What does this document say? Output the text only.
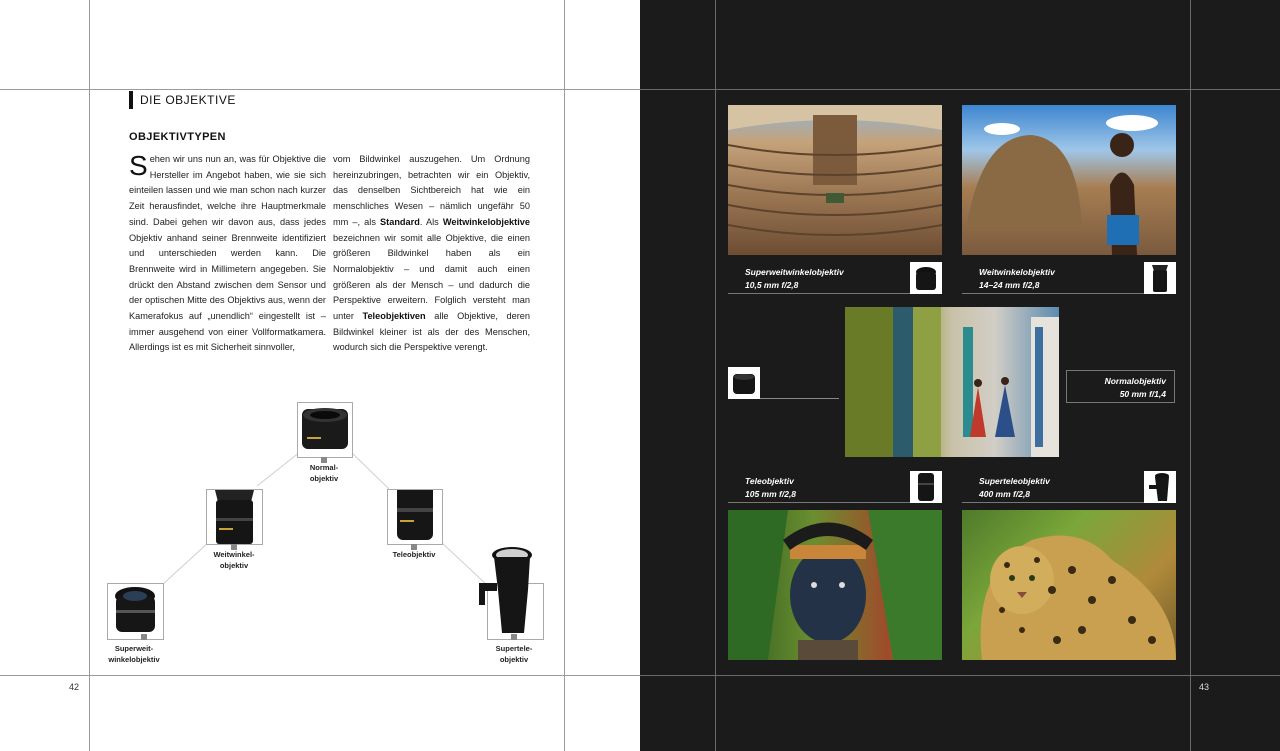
DIE OBJEKTIVE
OBJEKTIVTYPEN
Sehen wir uns nun an, was für Objektive die Hersteller im Angebot haben, wie sie sich einteilen lassen und wie man schon nach kurzer Zeit herausfindet, welche ihre Hauptmerkmale sind. Dabei gehen wir davon aus, dass jedes Objektiv anhand seiner Brennweite identifiziert und unterschieden werden kann. Die Brennweite wird in Millimetern angegeben. Sie drückt den Abstand zwischen dem Sensor und der optischen Mitte des Objektivs aus, wenn der Kamerafokus auf „unendlich“ eingestellt ist – immer ausgehend von einer Vollformatkamera. Allerdings ist es mit Sicherheit sinnvoller,
vom Bildwinkel auszugehen. Um Ordnung hereinzubringen, betrachten wir ein Objektiv, das denselben Sichtbereich hat wie ein menschliches Wesen – nämlich ungefähr 50 mm –, als Standard. Als Weitwinkelobjektive bezeichnen wir somit alle Objektive, die einen größeren Bildwinkel haben als ein Normalobjektiv – und damit auch einen größeren als der Mensch – und dadurch die Perspektive erweitern. Folglich versteht man unter Teleobjektiven alle Objektive, deren Bildwinkel kleiner ist als der des Menschen, wodurch sich die Perspektive verengt.
Normal-
objektiv
Weitwinkel-
objektiv
Teleobjektiv
Superweit-
winkelobjektiv
Supertele-
objektiv
42
Superweitwinkelobjektiv
10,5 mm f/2,8
Weitwinkelobjektiv
14–24 mm f/2,8
Normalobjektiv
50 mm f/1,4
Teleobjektiv
105 mm f/2,8
Superteleobjektiv
400 mm f/2,8
43
